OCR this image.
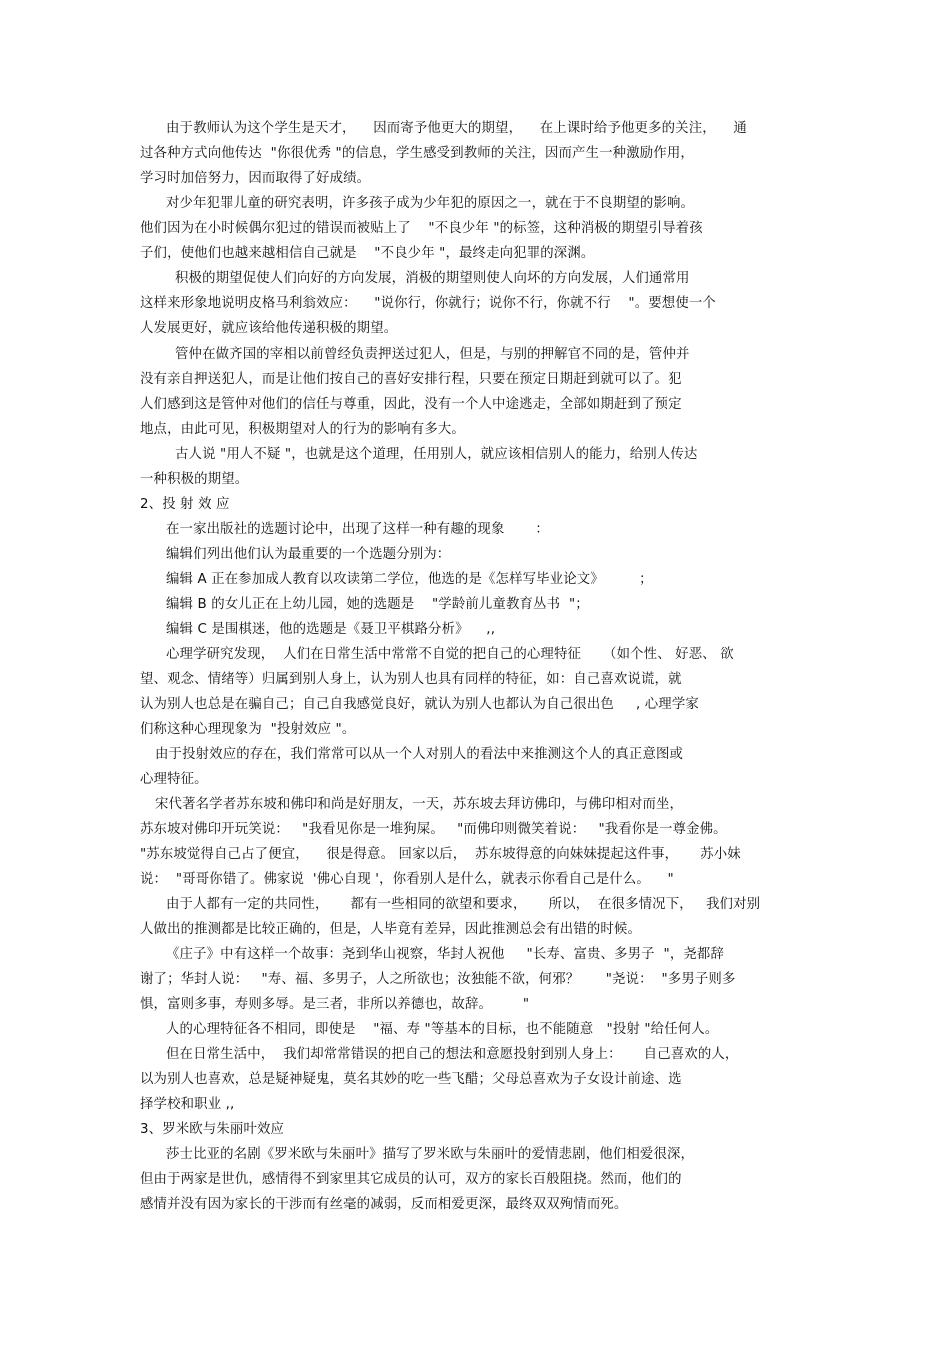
由于教师认为这个学生是天才，    因而寄予他更大的期望，    在上课时给予他更多的关注，    通
过各种方式向他传达  "你很优秀 "的信息，学生感受到教师的关注，因而产生一种激励作用，
学习时加倍努力，因而取得了好成绩。
对少年犯罪儿童的研究表明，许多孩子成为少年犯的原因之一，就在于不良期望的影响。
他们因为在小时候偶尔犯过的错误而被贴上了    "不良少年 "的标签，这种消极的期望引导着孩
子们，使他们也越来越相信自己就是    "不良少年 "，最终走向犯罪的深渊。
积极的期望促使人们向好的方向发展，消极的期望则使人向坏的方向发展，人们通常用
这样来形象地说明皮格马利翁效应：    "说你行，你就行；说你不行，你就不行    "。要想使一个
人发展更好，就应该给他传递积极的期望。
管仲在做齐国的宰相以前曾经负责押送过犯人，但是，与别的押解官不同的是，管仲并
没有亲自押送犯人，而是让他们按自己的喜好安排行程，只要在预定日期赶到就可以了。犯
人们感到这是管仲对他们的信任与尊重，因此，没有一个人中途逃走，全部如期赶到了预定
地点，由此可见，积极期望对人的行为的影响有多大。
古人说 "用人不疑 "，也就是这个道理，任用别人，就应该相信别人的能力，给别人传达
一种积极的期望。
2、投 射 效 应
在一家出版社的选题讨论中，出现了这样一种有趣的现象       ：
编辑们列出他们认为最重要的一个选题分别为：
编辑 A 正在参加成人教育以攻读第二学位，他选的是《怎样写毕业论文》        ；
编辑 B 的女儿正在上幼儿园，她的选题是    "学龄前儿童教育丛书  "；
编辑 C 是围棋迷，他的选题是《聂卫平棋路分析》    ,,
心理学研究发现，  人们在日常生活中常常不自觉的把自己的心理特征     （如个性、 好恶、 欲
望、观念、情绪等）归属到别人身上，认为别人也具有同样的特征，如：自己喜欢说谎，就
认为别人也总是在骗自己；自己自我感觉良好，就认为别人也都认为自己很出色     , 心理学家
们称这种心理现象为  "投射效应 "。
由于投射效应的存在，我们常常可以从一个人对别人的看法中来推测这个人的真正意图或
心理特征。
宋代著名学者苏东坡和佛印和尚是好朋友，一天，苏东坡去拜访佛印，与佛印相对而坐，
苏东坡对佛印开玩笑说：   "我看见你是一堆狗屎。   "而佛印则微笑着说：   "我看你是一尊金佛。
"苏东坡觉得自己占了便宜，    很是得意。 回家以后，  苏东坡得意的向妹妹提起这件事，     苏小妹
说：  "哥哥你错了。佛家说  '佛心自现 '，你看别人是什么，就表示你看自己是什么。    "
由于人都有一定的共同性，     都有一些相同的欲望和要求，     所以，  在很多情况下，   我们对别
人做出的推测都是比较正确的，但是，人毕竟有差异，因此推测总会有出错的时候。
《庄子》中有这样一个故事：尧到华山视察，华封人祝他     "长寿、富贵、多男子  "，尧都辞
谢了；华封人说：   "寿、福、多男子，人之所欲也；汝独能不欲，何邪？      "尧说：  "多男子则多
惧，富则多事，寿则多辱。是三者，非所以养德也，故辞。       "
人的心理特征各不相同，即使是    "福、寿 "等基本的目标，也不能随意   "投射 "给任何人。
但在日常生活中，  我们却常常错误的把自己的想法和意愿投射到别人身上：     自己喜欢的人，
以为别人也喜欢，总是疑神疑鬼，莫名其妙的吃一些飞醋；父母总喜欢为子女设计前途、选
择学校和职业 ,,
3、罗米欧与朱丽叶效应
莎士比亚的名剧《罗米欧与朱丽叶》描写了罗米欧与朱丽叶的爱情悲剧，他们相爱很深，
但由于两家是世仇，感情得不到家里其它成员的认可，双方的家长百般阻挠。然而，他们的
感情并没有因为家长的干涉而有丝毫的减弱，反而相爱更深，最终双双殉情而死。
